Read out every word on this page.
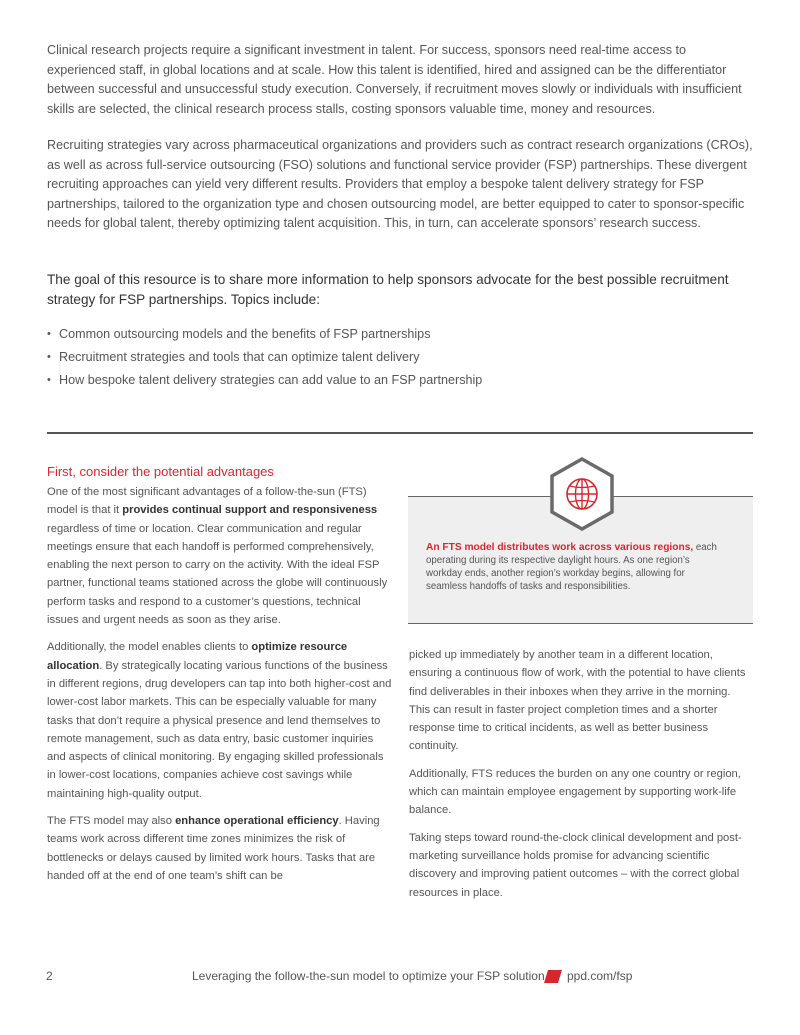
Clinical research projects require a significant investment in talent. For success, sponsors need real-time access to experienced staff, in global locations and at scale. How this talent is identified, hired and assigned can be the differentiator between successful and unsuccessful study execution. Conversely, if recruitment moves slowly or individuals with insufficient skills are selected, the clinical research process stalls, costing sponsors valuable time, money and resources.

Recruiting strategies vary across pharmaceutical organizations and providers such as contract research organizations (CROs), as well as across full-service outsourcing (FSO) solutions and functional service provider (FSP) partnerships. These divergent recruiting approaches can yield very different results. Providers that employ a bespoke talent delivery strategy for FSP partnerships, tailored to the organization type and chosen outsourcing model, are better equipped to cater to sponsor-specific needs for global talent, thereby optimizing talent acquisition. This, in turn, can accelerate sponsors’ research success.

The goal of this resource is to share more information to help sponsors advocate for the best possible recruitment strategy for FSP partnerships. Topics include:

• Common outsourcing models and the benefits of FSP partnerships
• Recruitment strategies and tools that can optimize talent delivery
• How bespoke talent delivery strategies can add value to an FSP partnership

First, consider the potential advantages

One of the most significant advantages of a follow-the-sun (FTS) model is that it provides continual support and responsiveness regardless of time or location. Clear communication and regular meetings ensure that each handoff is performed comprehensively, enabling the next person to carry on the activity. With the ideal FSP partner, functional teams stationed across the globe will continuously perform tasks and respond to a customer’s questions, technical issues and urgent needs as soon as they arise.

Additionally, the model enables clients to optimize resource allocation. By strategically locating various functions of the business in different regions, drug developers can tap into both higher-cost and lower-cost labor markets. This can be especially valuable for many tasks that don’t require a physical presence and lend themselves to remote management, such as data entry, basic customer inquiries and aspects of clinical monitoring. By engaging skilled professionals in lower-cost locations, companies achieve cost savings while maintaining high-quality output.

The FTS model may also enhance operational efficiency. Having teams work across different time zones minimizes the risk of bottlenecks or delays caused by limited work hours. Tasks that are handed off at the end of one team’s shift can be

An FTS model distributes work across various regions, each operating during its respective daylight hours. As one region’s workday ends, another region’s workday begins, allowing for seamless handoffs of tasks and responsibilities.

picked up immediately by another team in a different location, ensuring a continuous flow of work, with the potential to have clients find deliverables in their inboxes when they arrive in the morning. This can result in faster project completion times and a shorter response time to critical incidents, as well as better business continuity.

Additionally, FTS reduces the burden on any one country or region, which can maintain employee engagement by supporting work-life balance.

Taking steps toward round-the-clock clinical development and post-marketing surveillance holds promise for advancing scientific discovery and improving patient outcomes – with the correct global resources in place.

2	Leveraging the follow-the-sun model to optimize your FSP solution ppd.com/fsp
